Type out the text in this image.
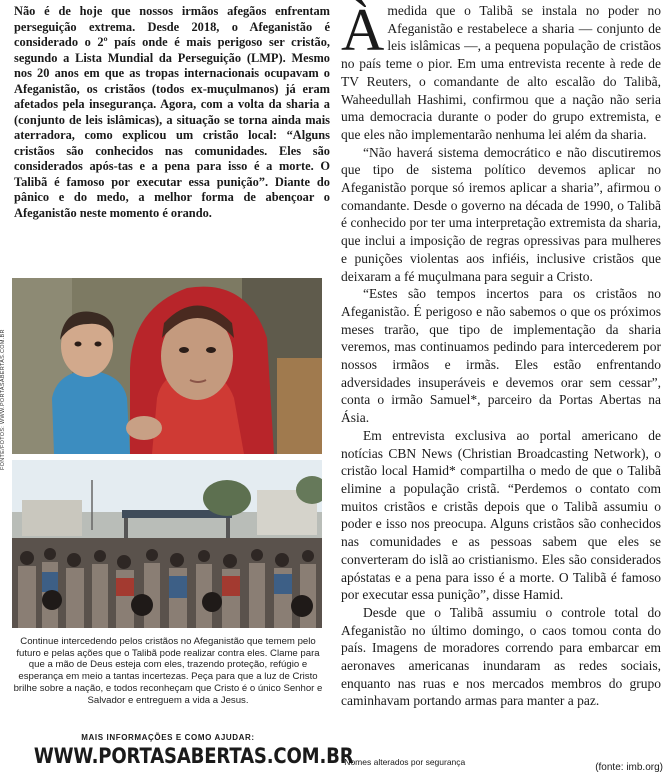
Não é de hoje que nossos irmãos afegãos enfrentam perseguição extrema. Desde 2018, o Afeganistão é considerado o 2º país onde é mais perigoso ser cristão, segundo a Lista Mundial da Perseguição (LMP). Mesmo nos 20 anos em que as tropas internacionais ocupavam o Afeganistão, os cristãos (todos ex-muçulmanos) já eram afetados pela insegurança. Agora, com a volta da sharia a (conjunto de leis islâmicas), a situação se torna ainda mais aterradora, como explicou um cristão local: “Alguns cristãos são conhecidos nas comunidades. Eles são considerados após-tas e a pena para isso é a morte. O Talibã é famoso por executar essa punição”. Diante do pânico e do medo, a melhor forma de abençoar o Afeganistão neste momento é orando.

FONTE/FOTOS: WWW.PORTASABERTAS.COM.BR
Continue intercedendo pelos cristãos no Afeganistão que temem pelo futuro e pelas ações que o Talibã pode realizar contra eles. Clame para que a mão de Deus esteja com eles, trazendo proteção, refúgio e esperança em meio a tantas incertezas. Peça para que a luz de Cristo brilhe sobre a nação, e todos reconheçam que Cristo é o único Senhor e Salvador e entreguem a vida a Jesus.
MAIS INFORMAÇÕES E COMO AJUDAR:
WWW.PORTASABERTAS.COM.BR

Àmedida que o Talibã se instala no poder no Afeganistão e restabelece a sharia — conjunto de leis islâmicas —, a pequena população de cristãos no país teme o pior. Em uma entrevista recente à rede de TV Reuters, o comandante de alto escalão do Talibã, Waheedullah Hashimi, confirmou que a nação não seria uma democracia durante o poder do grupo extremista, e que eles não implementarão nenhuma lei além da sharia.

“Não haverá sistema democrático e não discutiremos que tipo de sistema político devemos aplicar no Afeganistão porque só iremos aplicar a sharia”, afirmou o comandante. Desde o governo na década de 1990, o Talibã é conhecido por ter uma interpretação extremista da sharia, que inclui a imposição de regras opressivas para mulheres e punições violentas aos infiéis, inclusive cristãos que deixaram a fé muçulmana para seguir a Cristo.

“Estes são tempos incertos para os cristãos no Afeganistão. É perigoso e não sabemos o que os próximos meses trarão, que tipo de implementação da sharia veremos, mas continuamos pedindo para intercederem por nossos irmãos e irmãs. Eles estão enfrentando adversidades insuperáveis e devemos orar sem cessar”, conta o irmão Samuel*, parceiro da Portas Abertas na Ásia.

Em entrevista exclusiva ao portal americano de notícias CBN News (Christian Broadcasting Network), o cristão local Hamid* compartilha o medo de que o Talibã elimine a população cristã. “Perdemos o contato com muitos cristãos e cristãs depois que o Talibã assumiu o poder e isso nos preocupa. Alguns cristãos são conhecidos nas comunidades e as pessoas sabem que eles se converteram do islã ao cristianismo. Eles são considerados apóstatas e a pena para isso é a morte. O Talibã é famoso por executar essa punição”, disse Hamid.

Desde que o Talibã assumiu o controle total do Afeganistão no último domingo, o caos tomou conta do país. Imagens de moradores correndo para embarcar em aeronaves americanas inundaram as redes sociais, enquanto nas ruas e nos mercados membros do grupo caminhavam portando armas para manter a paz.

*Nomes alterados por segurança	(fonte: imb.org)
